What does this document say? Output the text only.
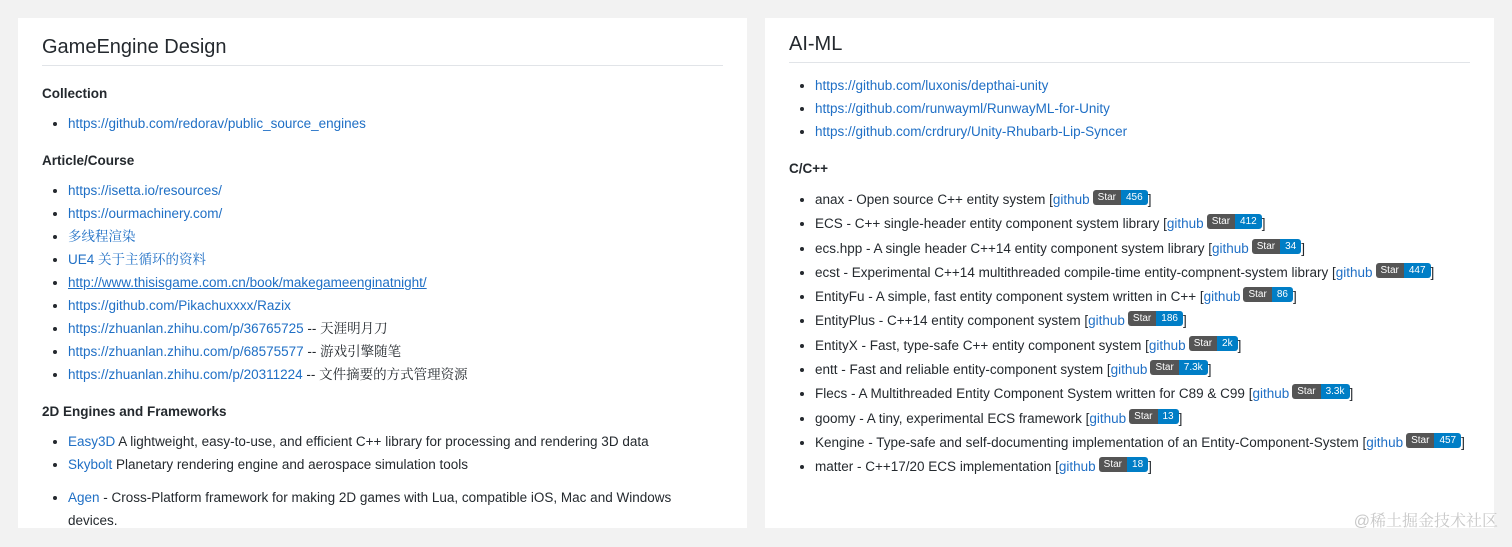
GameEngine Design
Collection
• https://github.com/redorav/public_source_engines
Article/Course
• https://isetta.io/resources/
• https://ourmachinery.com/
• 多线程渲染
• UE4 关于主循环的资料
• http://www.thisisgame.com.cn/book/makegameenginatnight/
• https://github.com/Pikachuxxxx/Razix
• https://zhuanlan.zhihu.com/p/36765725 -- 天涯明月刀
• https://zhuanlan.zhihu.com/p/68575577 -- 游戏引擎随笔
• https://zhuanlan.zhihu.com/p/20311224 -- 文件摘要的方式管理资源
2D Engines and Frameworks
• Easy3D A lightweight, easy-to-use, and efficient C++ library for processing and rendering 3D data
• Skybolt Planetary rendering engine and aerospace simulation tools
• Agen - Cross-Platform framework for making 2D games with Lua, compatible iOS, Mac and Windows devices.
AI-ML
• https://github.com/luxonis/depthai-unity
• https://github.com/runwayml/RunwayML-for-Unity
• https://github.com/crdrury/Unity-Rhubarb-Lip-Syncer
C/C++
• anax - Open source C++ entity system [github Star	456 ]
• ECS - C++ single-header entity component system library [github Star	412 ]
• ecs.hpp - A single header C++14 entity component system library [github Star	34 ]
• ecst - Experimental C++14 multithreaded compile-time entity-compnent-system library [github Star	447 ]
• EntityFu - A simple, fast entity component system written in C++ [github Star	86 ]
• EntityPlus - C++14 entity component system [github Star	186 ]
• EntityX - Fast, type-safe C++ entity component system [github Star	2k ]
• entt - Fast and reliable entity-component system [github Star	7.3k ]
• Flecs - A Multithreaded Entity Component System written for C89 & C99 [github Star	3.3k ]
• goomy - A tiny, experimental ECS framework [github Star	13 ]
• Kengine - Type-safe and self-documenting implementation of an Entity-Component-System [github Star	457 ]
• matter - C++17/20 ECS implementation [github Star	18 ]
@稀土掘金技术社区
